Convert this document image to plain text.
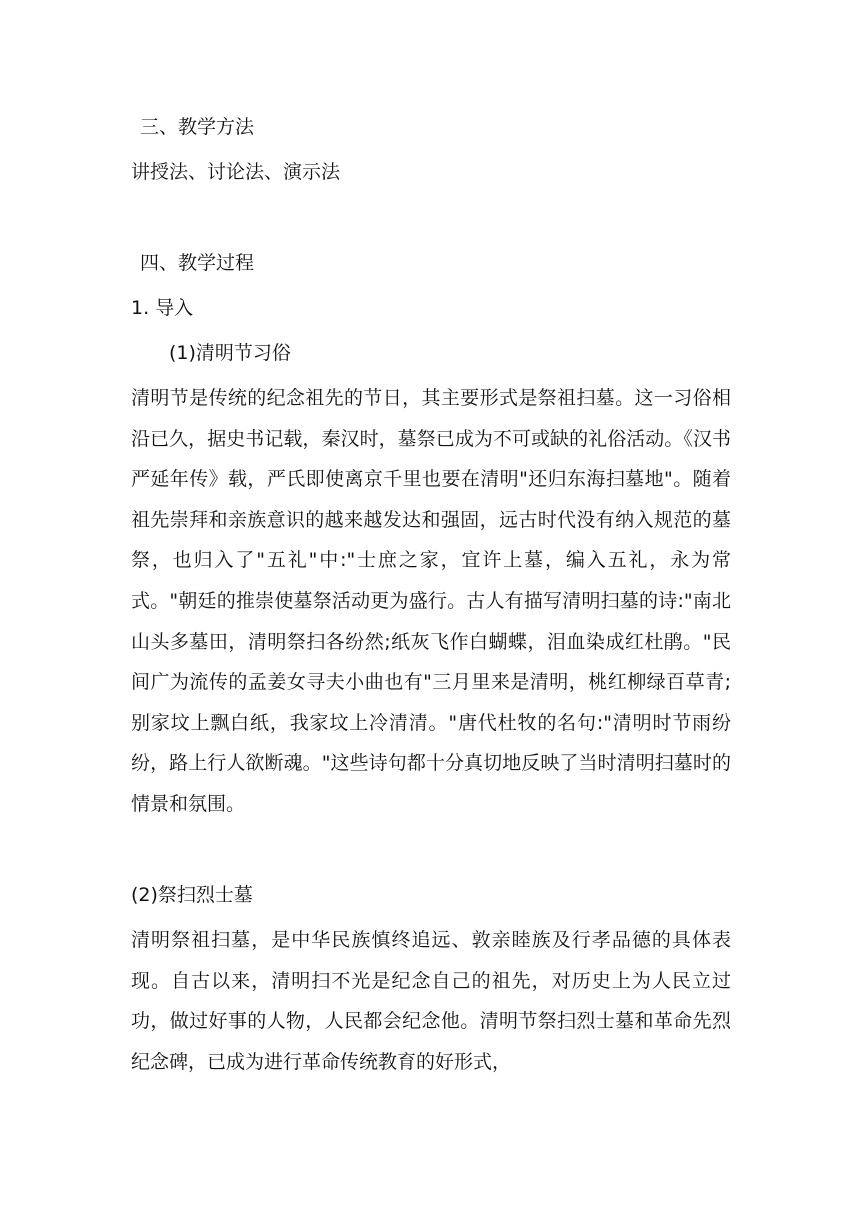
三、教学方法

讲授法、讨论法、演示法

四、教学过程

1. 导入

(1)清明节习俗

清明节是传统的纪念祖先的节日，其主要形式是祭祖扫墓。这一习俗相沿已久，据史书记载，秦汉时，墓祭已成为不可或缺的礼俗活动。《汉书严延年传》载，严氏即使离京千里也要在清明"还归东海扫墓地"。随着祖先崇拜和亲族意识的越来越发达和强固，远古时代没有纳入规范的墓祭，也归入了"五礼"中:"士庶之家，宜许上墓，编入五礼，永为常式。"朝廷的推崇使墓祭活动更为盛行。古人有描写清明扫墓的诗:"南北山头多墓田，清明祭扫各纷然;纸灰飞作白蝴蝶，泪血染成红杜鹃。"民间广为流传的孟姜女寻夫小曲也有"三月里来是清明，桃红柳绿百草青;别家坟上飘白纸，我家坟上冷清清。"唐代杜牧的名句:"清明时节雨纷纷，路上行人欲断魂。"这些诗句都十分真切地反映了当时清明扫墓时的情景和氛围。

(2)祭扫烈士墓

清明祭祖扫墓，是中华民族慎终追远、敦亲睦族及行孝品德的具体表现。自古以来，清明扫不光是纪念自己的祖先，对历史上为人民立过功，做过好事的人物，人民都会纪念他。清明节祭扫烈士墓和革命先烈纪念碑，已成为进行革命传统教育的好形式，
